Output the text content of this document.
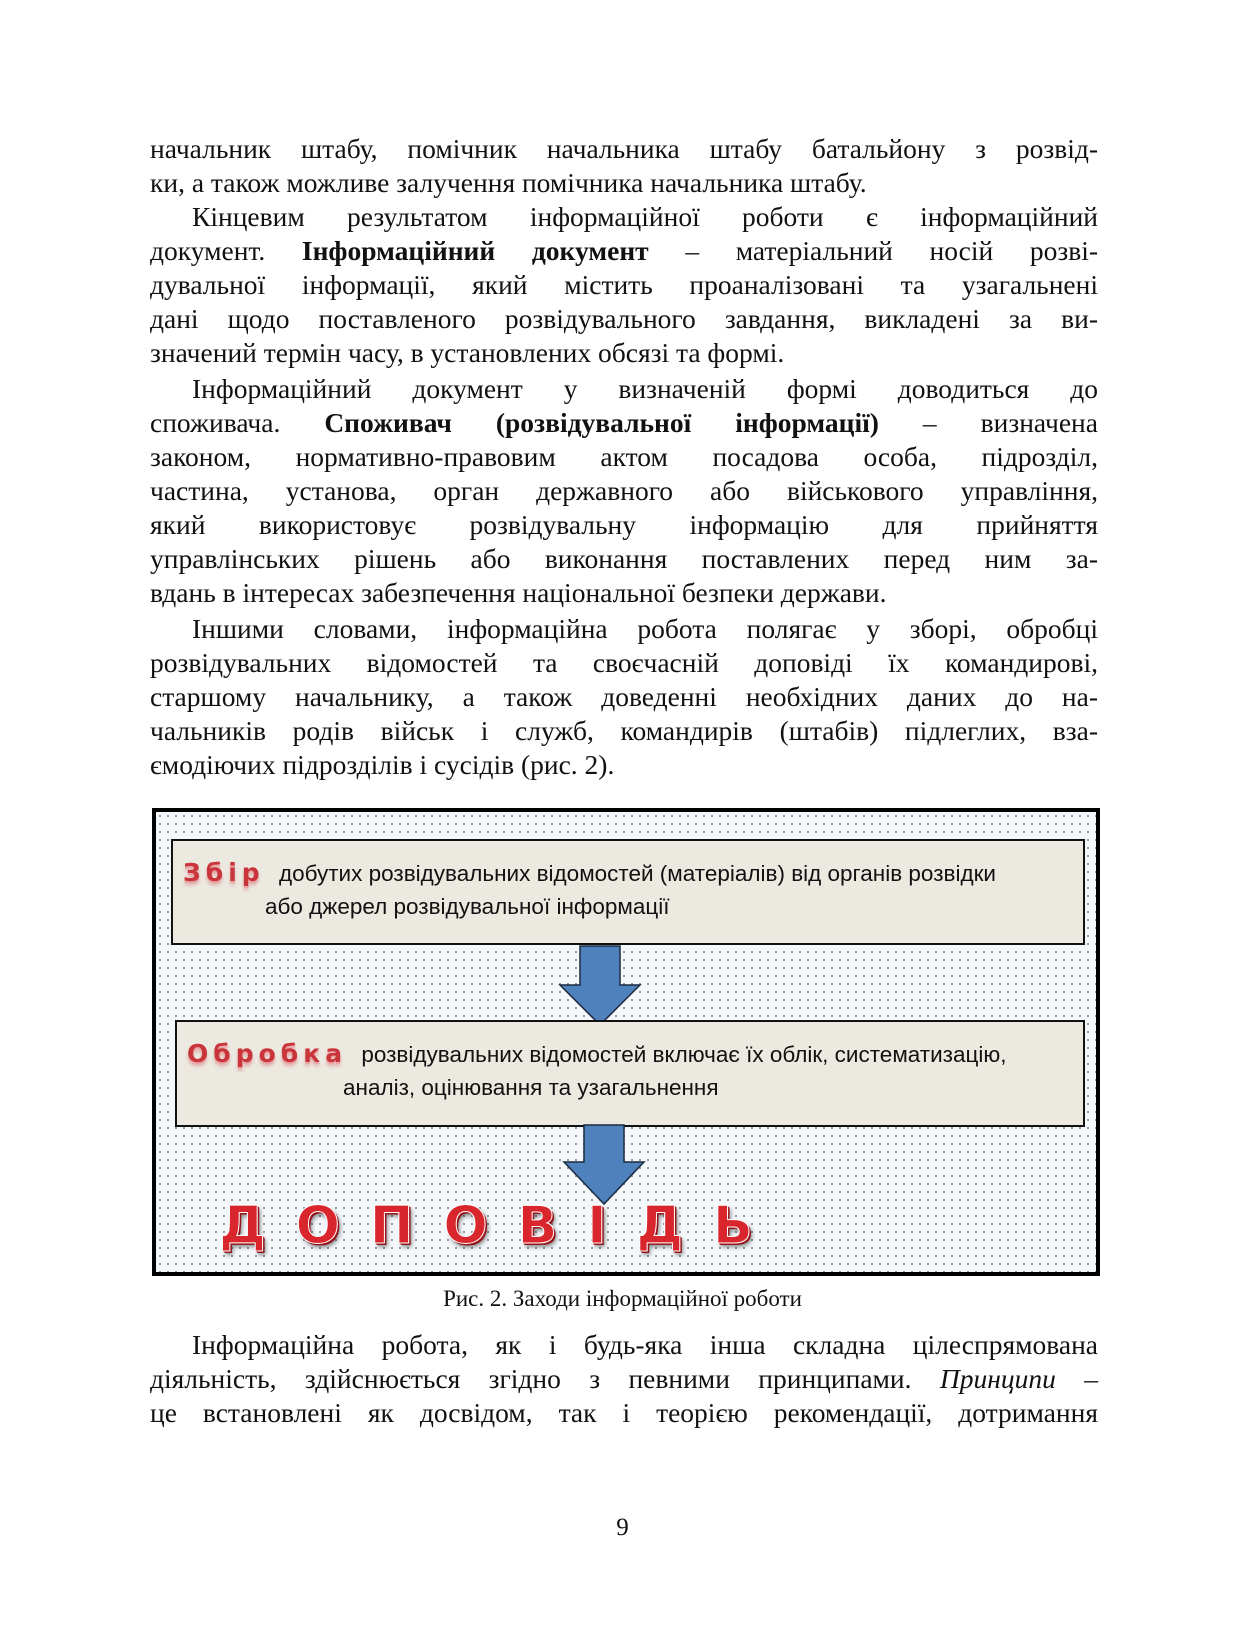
начальник штабу, помічник начальника штабу батальйону з розвід-
ки, а також можливе залучення помічника начальника штабу.
Кінцевим результатом інформаційної роботи є інформаційний
документ. Інформаційний документ – матеріальний носій розві-
дувальної інформації, який містить проаналізовані та узагальнені
дані щодо поставленого розвідувального завдання, викладені за ви-
значений термін часу, в установлених обсязі та формі.
Інформаційний документ у визначеній формі доводиться до
споживача. Споживач (розвідувальної інформації) – визначена
законом, нормативно-правовим актом посадова особа, підрозділ,
частина, установа, орган державного або військового управління,
який використовує розвідувальну інформацію для прийняття
управлінських рішень або виконання поставлених перед ним за-
вдань в інтересах забезпечення національної безпеки держави.
Іншими словами, інформаційна робота полягає у зборі, обробці
розвідувальних відомостей та своєчасній доповіді їх командирові,
старшому начальнику, а також доведенні необхідних даних до на-
чальників родів військ і служб, командирів (штабів) підлеглих, вза-
ємодіючих підрозділів і сусідів (рис. 2).
Збір добутих розвідувальних відомостей (матеріалів) від органів розвідки
або джерел розвідувальної інформації
Обробка розвідувальних відомостей включає їх облік, систематизацію,
аналіз, оцінювання та узагальнення
ДОПОВІДЬ
Рис. 2. Заходи інформаційної роботи
Інформаційна робота, як і будь-яка інша складна цілеспрямована
діяльність, здійснюється згідно з певними принципами. Принципи –
це встановлені як досвідом, так і теорією рекомендації, дотримання
9
